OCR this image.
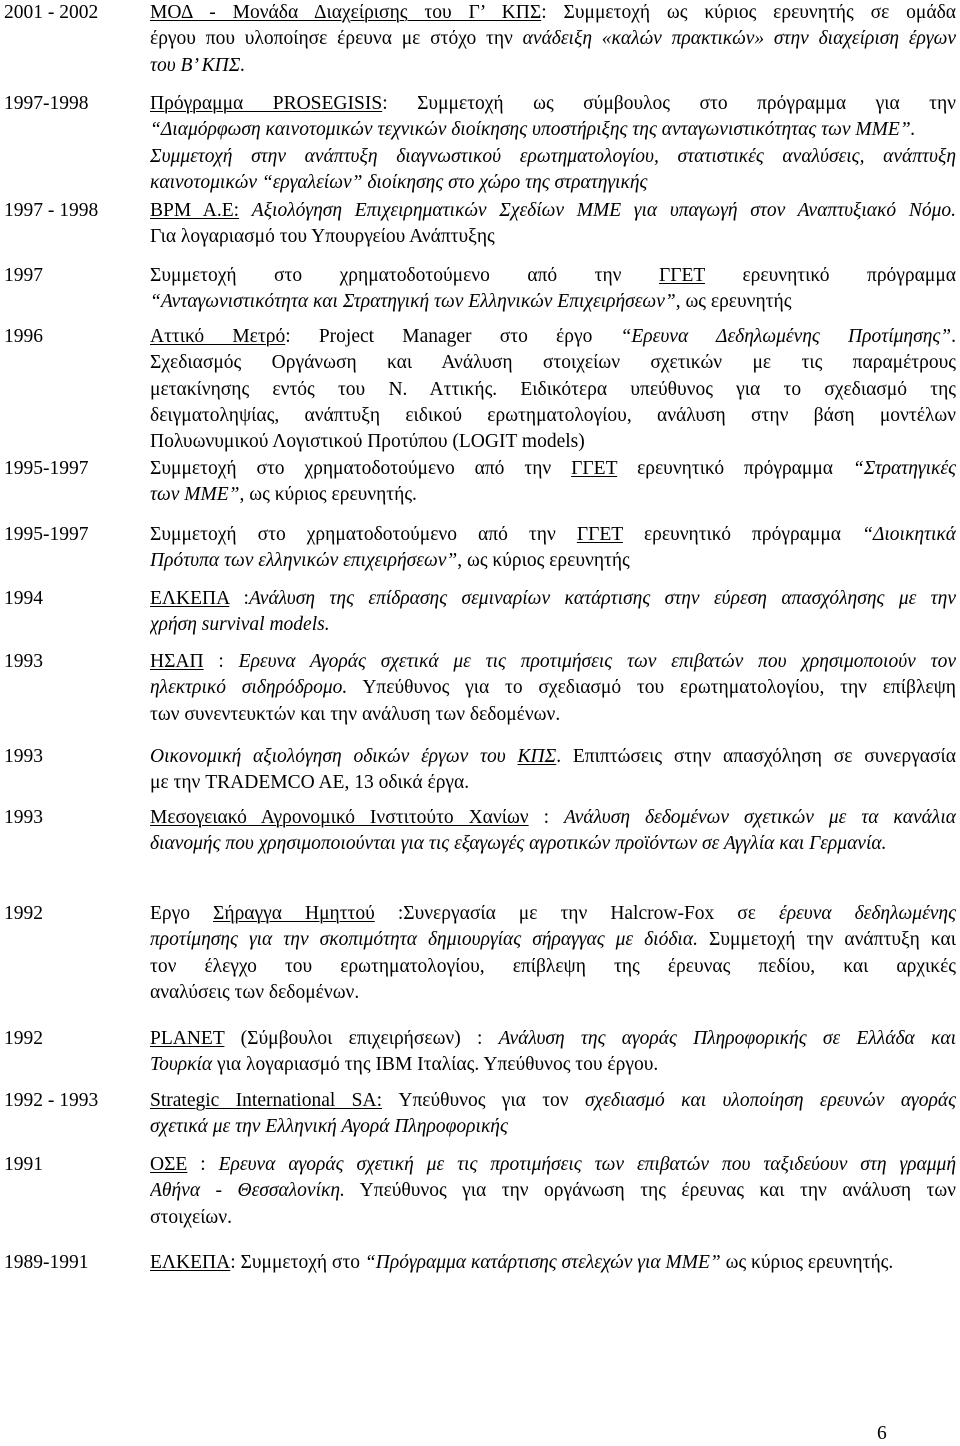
2001 - 2002	ΜΟΔ - Μονάδα Διαχείρισης του Γ’ ΚΠΣ: Συμμετοχή ως κύριος ερευνητής σε ομάδα
έργου που υλοποίησε έρευνα με στόχο την ανάδειξη «καλών πρακτικών» στην διαχείριση έργων
του Β’ ΚΠΣ.
1997-1998	Πρόγραμμα PROSEGISIS: Συμμετοχή ως σύμβουλος στο πρόγραμμα για την
“Διαμόρφωση καινοτομικών τεχνικών διοίκησης υποστήριξης της ανταγωνιστικότητας των ΜΜΕ”.
Συμμετοχή στην ανάπτυξη διαγνωστικού ερωτηματολογίου, στατιστικές αναλύσεις, ανάπτυξη
καινοτομικών “εργαλείων” διοίκησης στο χώρο της στρατηγικής
1997 - 1998	BPM A.E: Αξιολόγηση Επιχειρηματικών Σχεδίων ΜΜΕ για υπαγωγή στον Αναπτυξιακό Νόμο.
Για λογαριασμό του Υπουργείου Ανάπτυξης
1997	Συμμετοχή στο χρηματοδοτούμενο από την ΓΓΕΤ ερευνητικό πρόγραμμα
“Ανταγωνιστικότητα και Στρατηγική των Ελληνικών Επιχειρήσεων”, ως ερευνητής
1996	Αττικό Μετρό: Project Manager στο έργο “Ερευνα Δεδηλωμένης Προτίμησης”.
Σχεδιασμός Οργάνωση και Ανάλυση στοιχείων σχετικών με τις παραμέτρους
μετακίνησης εντός του Ν. Αττικής. Ειδικότερα υπεύθυνος για το σχεδιασμό της
δειγματοληψίας, ανάπτυξη ειδικού ερωτηματολογίου, ανάλυση στην βάση μοντέλων
Πολυωνυμικού Λογιστικού Προτύπου (LOGIT models)
1995-1997	Συμμετοχή στο χρηματοδοτούμενο από την ΓΓΕΤ ερευνητικό πρόγραμμα “Στρατηγικές
των ΜΜΕ”, ως κύριος ερευνητής.
1995-1997	Συμμετοχή στο χρηματοδοτούμενο από την ΓΓΕΤ ερευνητικό πρόγραμμα “Διοικητικά
Πρότυπα των ελληνικών επιχειρήσεων”, ως κύριος ερευνητής
1994	ΕΛΚΕΠΑ :Ανάλυση της επίδρασης σεμιναρίων κατάρτισης στην εύρεση απασχόλησης με την
χρήση survival models.
1993	ΗΣΑΠ : Ερευνα Αγοράς σχετικά με τις προτιμήσεις των επιβατών που χρησιμοποιούν τον
ηλεκτρικό σιδηρόδρομο. Υπεύθυνος για το σχεδιασμό του ερωτηματολογίου, την επίβλεψη
των συνεντευκτών και την ανάλυση των δεδομένων.
1993	Οικονομική αξιολόγηση οδικών έργων του ΚΠΣ. Επιπτώσεις στην απασχόληση σε συνεργασία
με την TRADEMCO AE, 13 οδικά έργα.
1993	Μεσογειακό Αγρονομικό Ινστιτούτο Χανίων : Ανάλυση δεδομένων σχετικών με τα κανάλια
διανομής που χρησιμοποιούνται για τις εξαγωγές αγροτικών προϊόντων σε Αγγλία και Γερμανία.
1992	Εργο Σήραγγα Ημηττού :Συνεργασία με την Halcrow-Fox σε έρευνα δεδηλωμένης
προτίμησης για την σκοπιμότητα δημιουργίας σήραγγας με διόδια. Συμμετοχή την ανάπτυξη και
τον έλεγχο του ερωτηματολογίου, επίβλεψη της έρευνας πεδίου, και αρχικές
αναλύσεις των δεδομένων.
1992	PLANET (Σύμβουλοι επιχειρήσεων) : Ανάλυση της αγοράς Πληροφορικής σε Ελλάδα και
Τουρκία για λογαριασμό της IBM Ιταλίας. Υπεύθυνος του έργου.
1992 - 1993	Strategic International SA: Υπεύθυνος για τον σχεδιασμό και υλοποίηση ερευνών αγοράς
σχετικά με την Ελληνική Αγορά Πληροφορικής
1991	ΟΣΕ : Ερευνα αγοράς σχετική με τις προτιμήσεις των επιβατών που ταξιδεύουν στη γραμμή
Αθήνα - Θεσσαλονίκη. Υπεύθυνος για την οργάνωση της έρευνας και την ανάλυση των
στοιχείων.
1989-1991	ΕΛΚΕΠΑ: Συμμετοχή στο “Πρόγραμμα κατάρτισης στελεχών για ΜΜΕ” ως κύριος ερευνητής.
6
